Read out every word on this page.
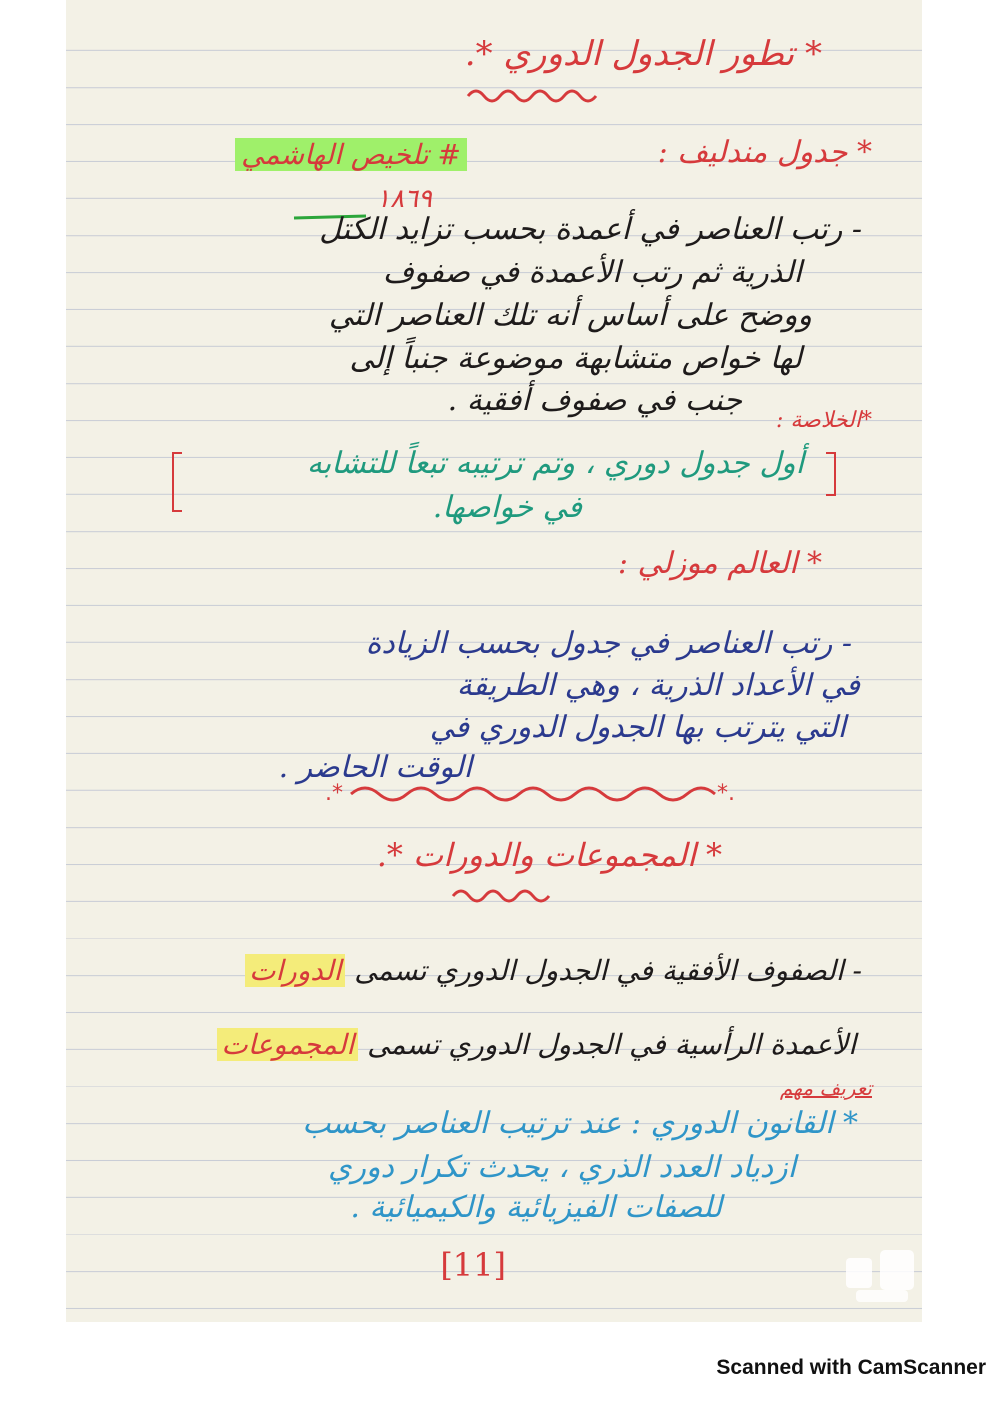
* تطور الجدول الدوري *.
* جدول مندليف :
# تلخيص الهاشمي
١٨٦٩
- رتب العناصر في أعمدة بحسب تزايد الكتل
الذرية ثم رتب الأعمدة في صفوف
ووضح على أساس أنه تلك العناصر التي
لها خواص متشابهة موضوعة جنباً إلى
جنب في صفوف أفقية .
*الخلاصة :
أول جدول دوري ، وتم ترتيبه تبعاً للتشابه
في خواصها.
* العالم موزلي :
- رتب العناصر في جدول بحسب الزيادة
في الأعداد الذرية ، وهي الطريقة
التي يترتب بها الجدول الدوري في
الوقت الحاضر .
.*	*.
* المجموعات والدورات *.
- الصفوف الأفقية في الجدول الدوري تسمى الدورات
الأعمدة الرأسية في الجدول الدوري تسمى المجموعات
تعريف مهم
* القانون الدوري : عند ترتيب العناصر بحسب
ازدياد العدد الذري ، يحدث تكرار دوري
للصفات الفيزيائية والكيميائية .
[11]
Scanned with CamScanner
